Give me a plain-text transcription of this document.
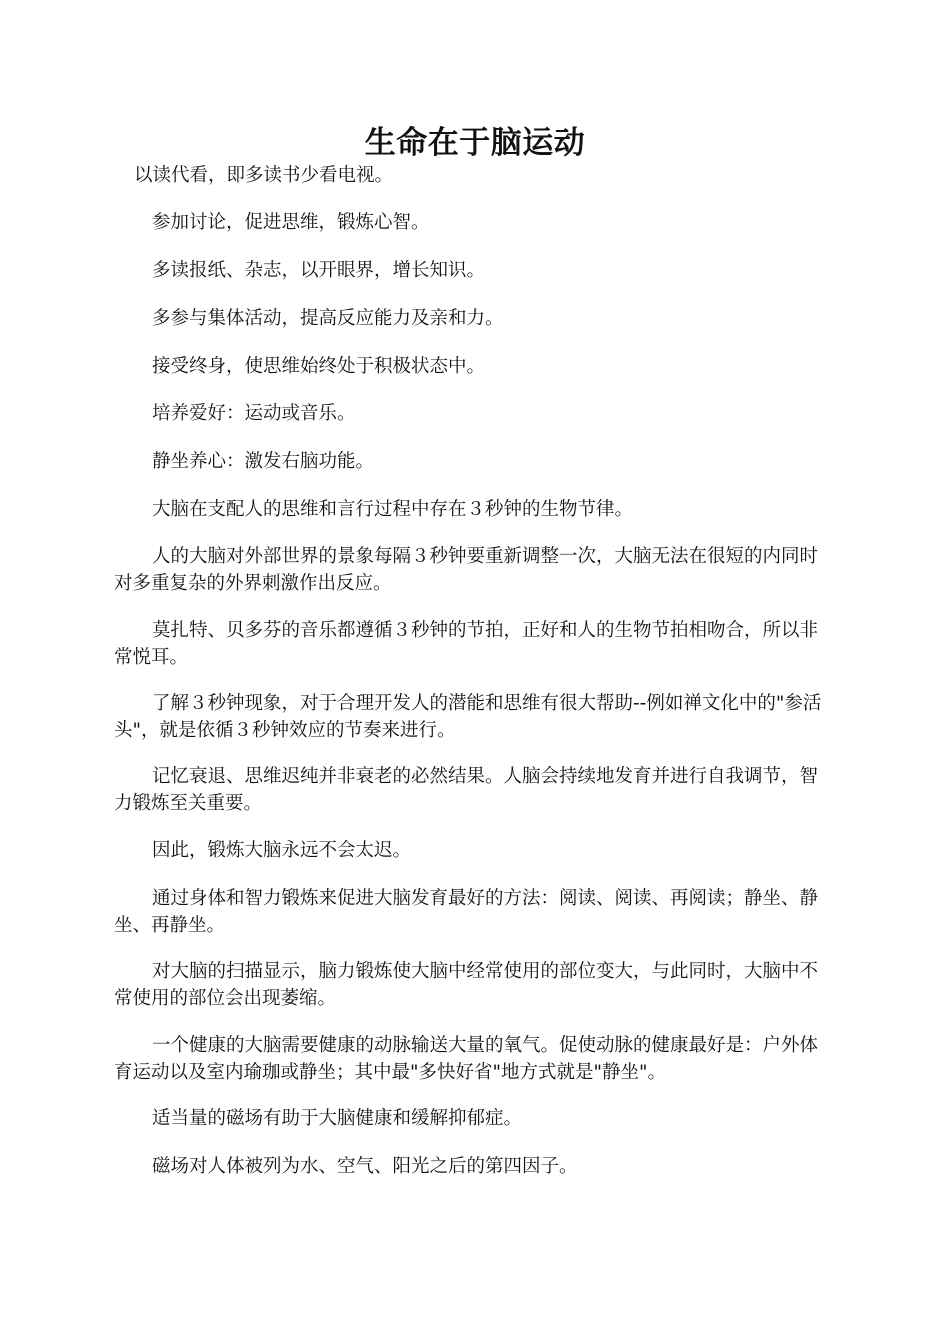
生命在于脑运动

以读代看，即多读书少看电视。

参加讨论，促进思维，锻炼心智。

多读报纸、杂志，以开眼界，增长知识。

多参与集体活动，提高反应能力及亲和力。

接受终身，使思维始终处于积极状态中。

培养爱好：运动或音乐。

静坐养心：激发右脑功能。

大脑在支配人的思维和言行过程中存在３秒钟的生物节律。

人的大脑对外部世界的景象每隔３秒钟要重新调整一次，大脑无法在很短的内同时对多重复杂的外界刺激作出反应。

莫扎特、贝多芬的音乐都遵循３秒钟的节拍，正好和人的生物节拍相吻合，所以非常悦耳。

了解３秒钟现象，对于合理开发人的潜能和思维有很大帮助--例如禅文化中的"参活头"，就是依循３秒钟效应的节奏来进行。

记忆衰退、思维迟纯并非衰老的必然结果。人脑会持续地发育并进行自我调节，智力锻炼至关重要。

因此，锻炼大脑永远不会太迟。

通过身体和智力锻炼来促进大脑发育最好的方法：阅读、阅读、再阅读；静坐、静坐、再静坐。

对大脑的扫描显示，脑力锻炼使大脑中经常使用的部位变大，与此同时，大脑中不常使用的部位会出现萎缩。

一个健康的大脑需要健康的动脉输送大量的氧气。促使动脉的健康最好是：户外体育运动以及室内瑜珈或静坐；其中最"多快好省"地方式就是"静坐"。

适当量的磁场有助于大脑健康和缓解抑郁症。

磁场对人体被列为水、空气、阳光之后的第四因子。
